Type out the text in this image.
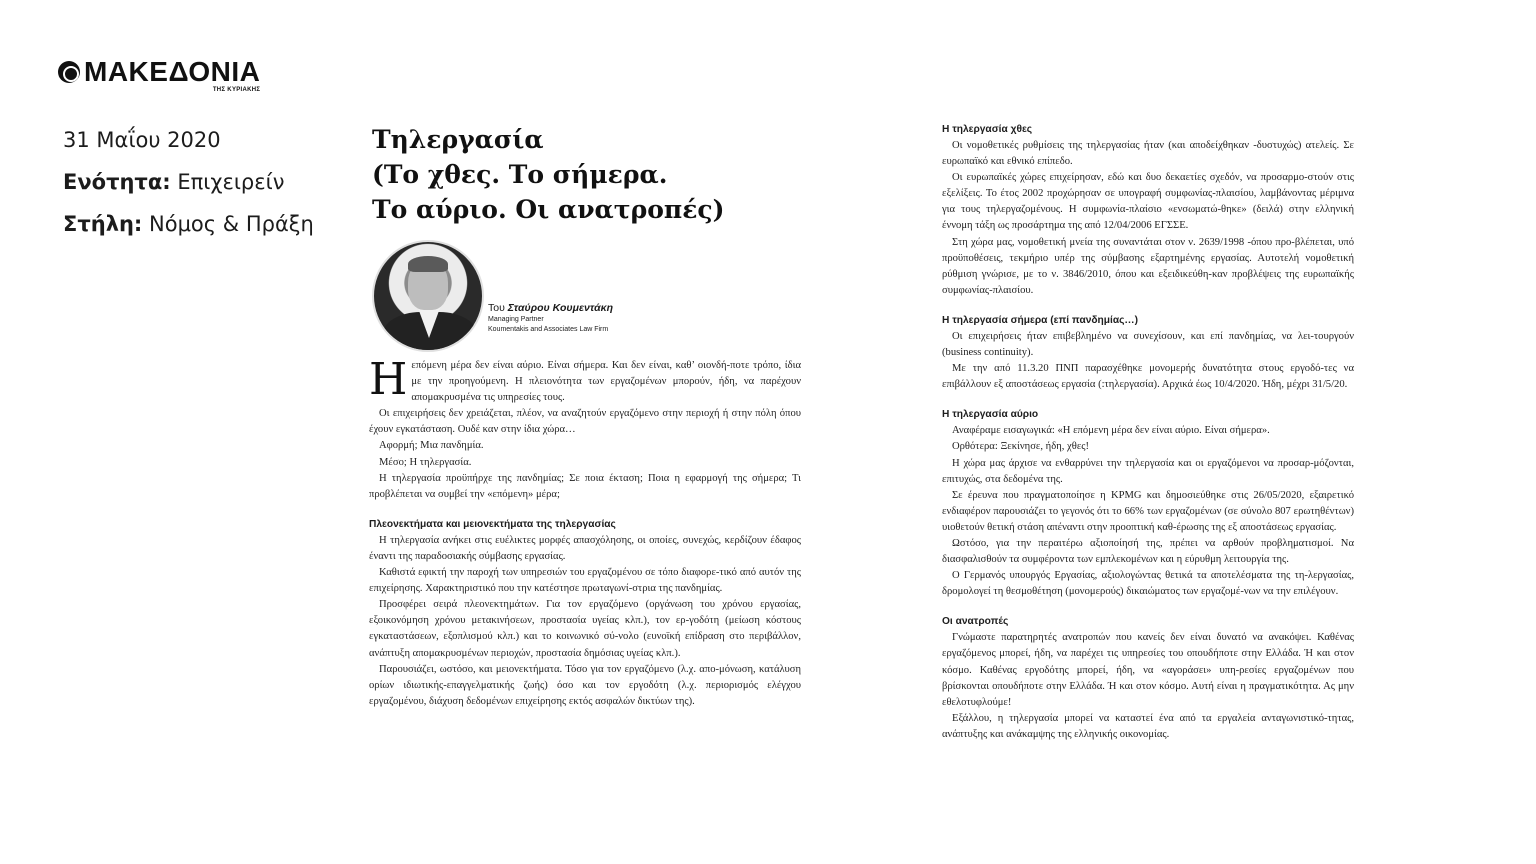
ΜΑΚΕΔΟΝΙΑ
ΤΗΣ ΚΥΡΙΑΚΗΣ
31 Μαΐου 2020
Ενότητα: Επιχειρείν
Στήλη: Νόμος & Πράξη
Τηλεργασία
(Το χθες. Το σήμερα.
Το αύριο. Οι ανατροπές)
Του Σταύρου Κουμεντάκη
Managing Partner
Koumentakis and Associates Law Firm

Ηεπόμενη μέρα δεν είναι αύριο. Είναι σήμερα. Και δεν είναι, καθ’ οιονδή-ποτε τρόπο, ίδια με την προηγούμενη. Η πλειονότητα των εργαζομένων μπορούν, ήδη, να παρέχουν απομακρυσμένα τις υπηρεσίες τους.

Οι επιχειρήσεις δεν χρειάζεται, πλέον, να αναζητούν εργαζόμενο στην περιοχή ή στην πόλη όπου έχουν εγκατάσταση. Ουδέ καν στην ίδια χώρα…

Αφορμή; Μια πανδημία.

Μέσο; Η τηλεργασία.

Η τηλεργασία προϋπήρχε της πανδημίας; Σε ποια έκταση; Ποια η εφαρμογή της σήμερα; Τι προβλέπεται να συμβεί την «επόμενη» μέρα;

Πλεονεκτήματα και μειονεκτήματα της τηλεργασίας

Η τηλεργασία ανήκει στις ευέλικτες μορφές απασχόλησης, οι οποίες, συνεχώς, κερδίζουν έδαφος έναντι της παραδοσιακής σύμβασης εργασίας.

Καθιστά εφικτή την παροχή των υπηρεσιών του εργαζομένου σε τόπο διαφορε-τικό από αυτόν της επιχείρησης. Χαρακτηριστικό που την κατέστησε πρωταγωνί-στρια της πανδημίας.

Προσφέρει σειρά πλεονεκτημάτων. Για τον εργαζόμενο (οργάνωση του χρόνου εργασίας, εξοικονόμηση χρόνου μετακινήσεων, προστασία υγείας κλπ.), τον ερ-γοδότη (μείωση κόστους εγκαταστάσεων, εξοπλισμού κλπ.) και το κοινωνικό σύ-νολο (ευνοϊκή επίδραση στο περιβάλλον, ανάπτυξη απομακρυσμένων περιοχών, προστασία δημόσιας υγείας κλπ.).

Παρουσιάζει, ωστόσο, και μειονεκτήματα. Τόσο για τον εργαζόμενο (λ.χ. απο-μόνωση, κατάλυση ορίων ιδιωτικής-επαγγελματικής ζωής) όσο και τον εργοδότη (λ.χ. περιορισμός ελέγχου εργαζομένου, διάχυση δεδομένων επιχείρησης εκτός ασφαλών δικτύων της).

Η τηλεργασία χθες

Οι νομοθετικές ρυθμίσεις της τηλεργασίας ήταν (και αποδείχθηκαν -δυστυχώς) ατελείς. Σε ευρωπαϊκό και εθνικό επίπεδο.

Οι ευρωπαϊκές χώρες επιχείρησαν, εδώ και δυο δεκαετίες σχεδόν, να προσαρμο-στούν στις εξελίξεις. Το έτος 2002 προχώρησαν σε υπογραφή συμφωνίας-πλαισίου, λαμβάνοντας μέριμνα για τους τηλεργαζομένους. Η συμφωνία-πλαίσιο «ενσωματώ-θηκε» (δειλά) στην ελληνική έννομη τάξη ως προσάρτημα της από 12/04/2006 ΕΓΣΣΕ.

Στη χώρα μας, νομοθετική μνεία της συναντάται στον ν. 2639/1998 -όπου προ-βλέπεται, υπό προϋποθέσεις, τεκμήριο υπέρ της σύμβασης εξαρτημένης εργασίας. Αυτοτελή νομοθετική ρύθμιση γνώρισε, με το ν. 3846/2010, όπου και εξειδικεύθη-καν προβλέψεις της ευρωπαϊκής συμφωνίας-πλαισίου.

Η τηλεργασία σήμερα (επί πανδημίας…)

Οι επιχειρήσεις ήταν επιβεβλημένο να συνεχίσουν, και επί πανδημίας, να λει-τουργούν (business continuity).

Με την από 11.3.20 ΠΝΠ παρασχέθηκε μονομερής δυνατότητα στους εργοδό-τες να επιβάλλουν εξ αποστάσεως εργασία (:τηλεργασία). Αρχικά έως 10/4/2020. Ήδη, μέχρι 31/5/20.

Η τηλεργασία αύριο

Αναφέραμε εισαγωγικά: «Η επόμενη μέρα δεν είναι αύριο. Είναι σήμερα».

Ορθότερα: Ξεκίνησε, ήδη, χθες!

Η χώρα μας άρχισε να ενθαρρύνει την τηλεργασία και οι εργαζόμενοι να προσαρ-μόζονται, επιτυχώς, στα δεδομένα της.

Σε έρευνα που πραγματοποίησε η KPMG και δημοσιεύθηκε στις 26/05/2020, εξαιρετικό ενδιαφέρον παρουσιάζει το γεγονός ότι το 66% των εργαζομένων (σε σύνολο 807 ερωτηθέντων) υιοθετούν θετική στάση απέναντι στην προοπτική καθ-έρωσης της εξ αποστάσεως εργασίας.

Ωστόσο, για την περαιτέρω αξιοποίησή της, πρέπει να αρθούν προβληματισμοί. Να διασφαλισθούν τα συμφέροντα των εμπλεκομένων και η εύρυθμη λειτουργία της.

Ο Γερμανός υπουργός Εργασίας, αξιολογώντας θετικά τα αποτελέσματα της τη-λεργασίας, δρομολογεί τη θεσμοθέτηση (μονομερούς) δικαιώματος των εργαζομέ-νων να την επιλέγουν.

Οι ανατροπές

Γνώμαστε παρατηρητές ανατροπών που κανείς δεν είναι δυνατό να ανακόψει. Καθένας εργαζόμενος μπορεί, ήδη, να παρέχει τις υπηρεσίες του οπουδήποτε στην Ελλάδα. Ή και στον κόσμο. Καθένας εργοδότης μπορεί, ήδη, να «αγοράσει» υπη-ρεσίες εργαζομένων που βρίσκονται οπουδήποτε στην Ελλάδα. Ή και στον κόσμο. Αυτή είναι η πραγματικότητα. Ας μην εθελοτυφλούμε!

Εξάλλου, η τηλεργασία μπορεί να καταστεί ένα από τα εργαλεία ανταγωνιστικό-τητας, ανάπτυξης και ανάκαμψης της ελληνικής οικονομίας.
